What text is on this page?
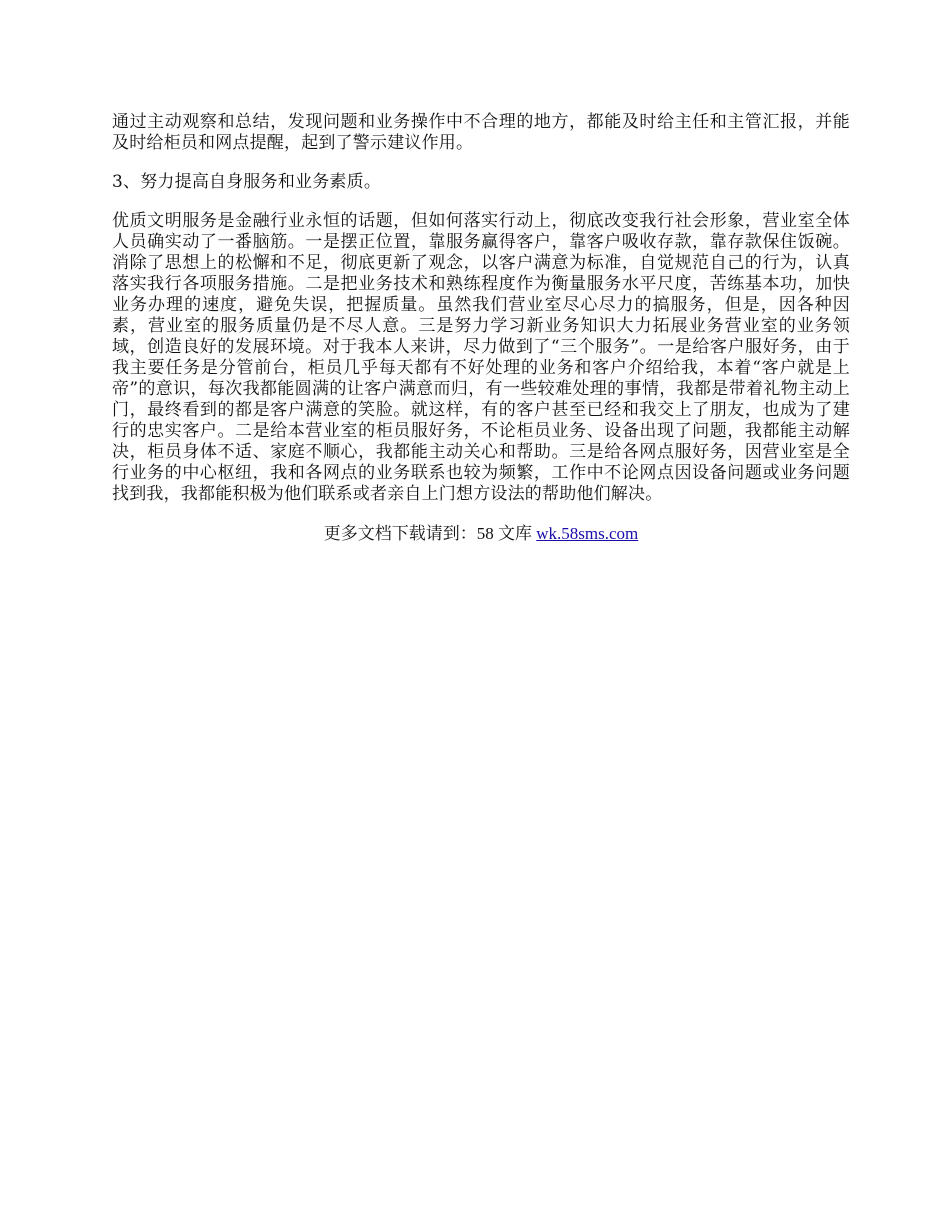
通过主动观察和总结，发现问题和业务操作中不合理的地方，都能及时给主任和主管汇报，并能及时给柜员和网点提醒，起到了警示建议作用。

3、努力提高自身服务和业务素质。

优质文明服务是金融行业永恒的话题，但如何落实行动上，彻底改变我行社会形象，营业室全体人员确实动了一番脑筋。一是摆正位置，靠服务赢得客户，靠客户吸收存款，靠存款保住饭碗。消除了思想上的松懈和不足，彻底更新了观念，以客户满意为标准，自觉规范自己的行为，认真落实我行各项服务措施。二是把业务技术和熟练程度作为衡量服务水平尺度，苦练基本功，加快业务办理的速度，避免失误，把握质量。虽然我们营业室尽心尽力的搞服务，但是，因各种因素，营业室的服务质量仍是不尽人意。三是努力学习新业务知识大力拓展业务营业室的业务领域，创造良好的发展环境。对于我本人来讲，尽力做到了“三个服务”。一是给客户服好务，由于我主要任务是分管前台，柜员几乎每天都有不好处理的业务和客户介绍给我，本着“客户就是上帝”的意识，每次我都能圆满的让客户满意而归，有一些较难处理的事情，我都是带着礼物主动上门，最终看到的都是客户满意的笑脸。就这样，有的客户甚至已经和我交上了朋友，也成为了建行的忠实客户。二是给本营业室的柜员服好务，不论柜员业务、设备出现了问题，我都能主动解决，柜员身体不适、家庭不顺心，我都能主动关心和帮助。三是给各网点服好务，因营业室是全行业务的中心枢纽，我和各网点的业务联系也较为频繁，工作中不论网点因设备问题或业务问题找到我，我都能积极为他们联系或者亲自上门想方设法的帮助他们解决。

更多文档下载请到：58 文库 wk.58sms.com
